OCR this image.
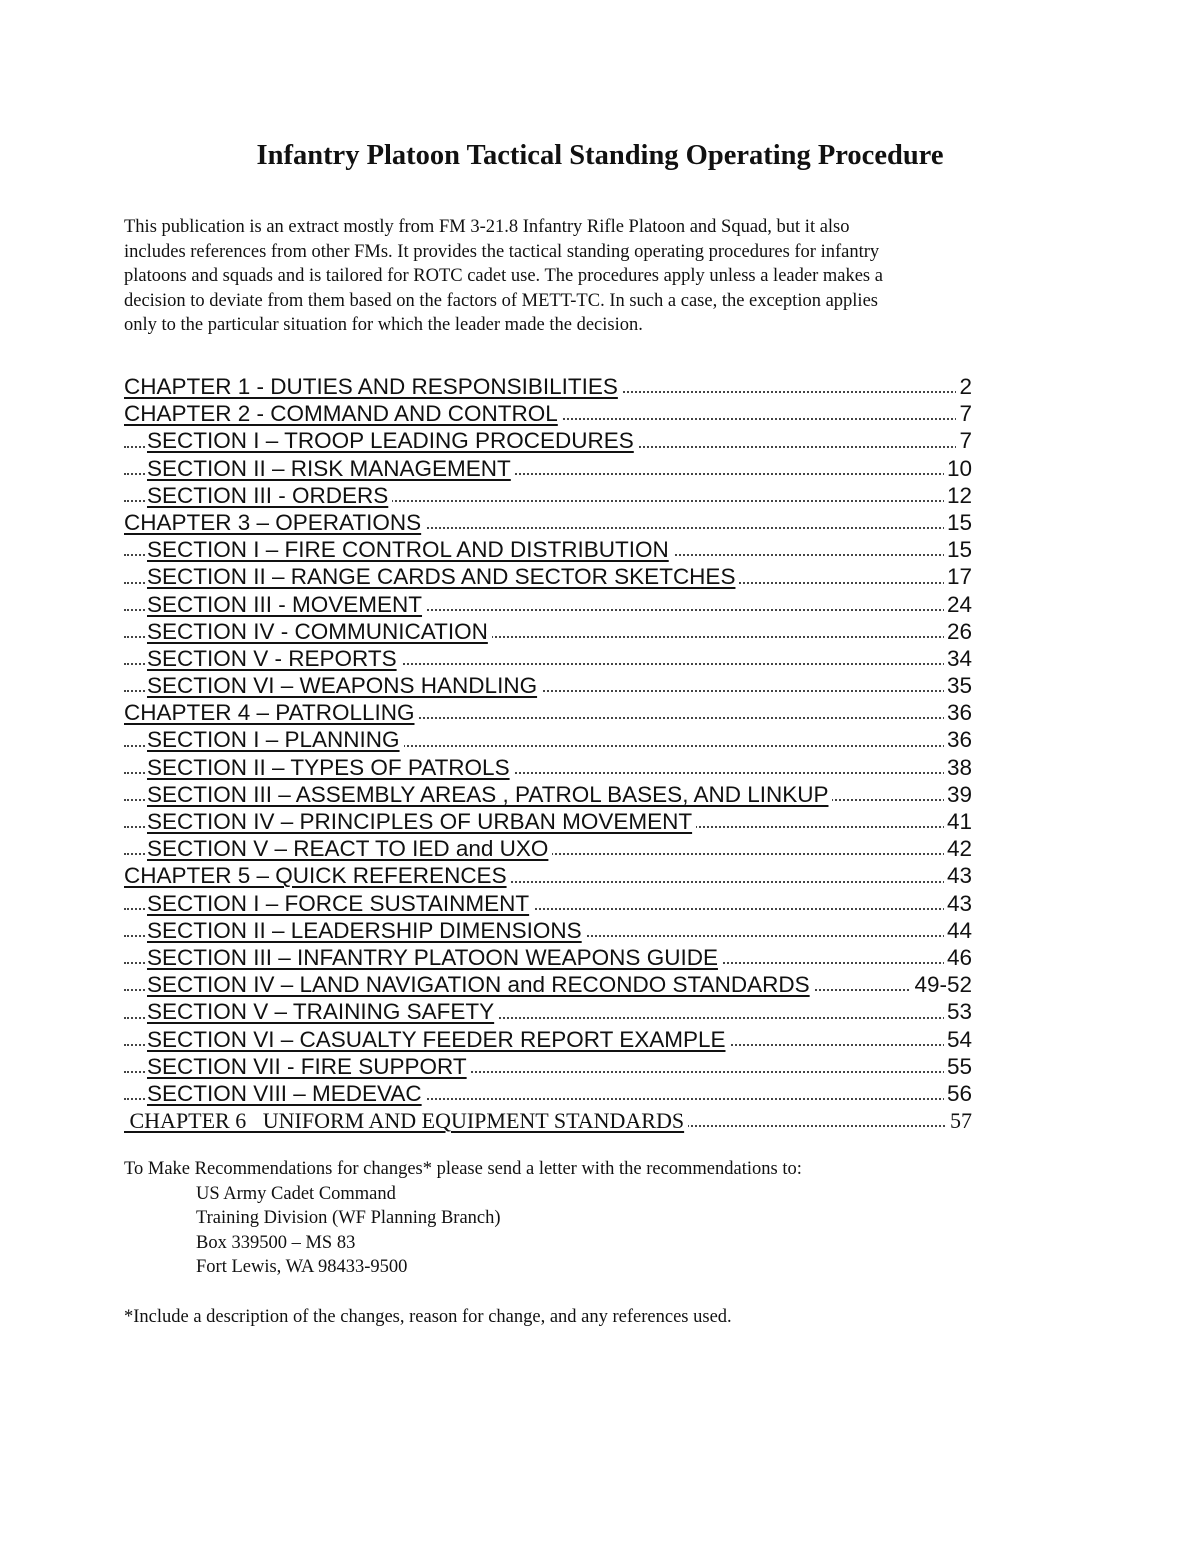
Infantry Platoon Tactical Standing Operating Procedure
This publication is an extract mostly from FM 3-21.8 Infantry Rifle Platoon and Squad, but it also
includes references from other FMs. It provides the tactical standing operating procedures for infantry
platoons and squads and is tailored for ROTC cadet use. The procedures apply unless a leader makes a
decision to deviate from them based on the factors of METT-TC. In such a case, the exception applies
only to the particular situation for which the leader made the decision.
CHAPTER 1 - DUTIES AND RESPONSIBILITIES	2
CHAPTER 2 - COMMAND AND CONTROL	7
SECTION I – TROOP LEADING PROCEDURES	7
SECTION II – RISK MANAGEMENT	10
SECTION III - ORDERS	12
CHAPTER 3 – OPERATIONS	15
SECTION I – FIRE CONTROL AND DISTRIBUTION	15
SECTION II – RANGE CARDS AND SECTOR SKETCHES	17
SECTION III - MOVEMENT	24
SECTION IV - COMMUNICATION	26
SECTION V - REPORTS	34
SECTION VI – WEAPONS HANDLING	35
CHAPTER 4 – PATROLLING	36
SECTION I – PLANNING	36
SECTION II – TYPES OF PATROLS	38
SECTION III – ASSEMBLY AREAS , PATROL BASES, AND LINKUP	39
SECTION IV – PRINCIPLES OF URBAN MOVEMENT	41
SECTION V – REACT TO IED and UXO	42
CHAPTER 5 – QUICK REFERENCES	43
SECTION I – FORCE SUSTAINMENT	43
SECTION II – LEADERSHIP DIMENSIONS	44
SECTION III – INFANTRY PLATOON WEAPONS GUIDE	46
SECTION IV – LAND NAVIGATION and RECONDO STANDARDS	49-52
SECTION V – TRAINING SAFETY	53
SECTION VI – CASUALTY FEEDER REPORT EXAMPLE	54
SECTION VII - FIRE SUPPORT	55
SECTION VIII – MEDEVAC	56
CHAPTER 6   UNIFORM AND EQUIPMENT STANDARDS	57
To Make Recommendations for changes* please send a letter with the recommendations to:
US Army Cadet Command
Training Division (WF Planning Branch)
Box 339500 – MS 83
Fort Lewis, WA 98433-9500
*Include a description of the changes, reason for change, and any references used.
